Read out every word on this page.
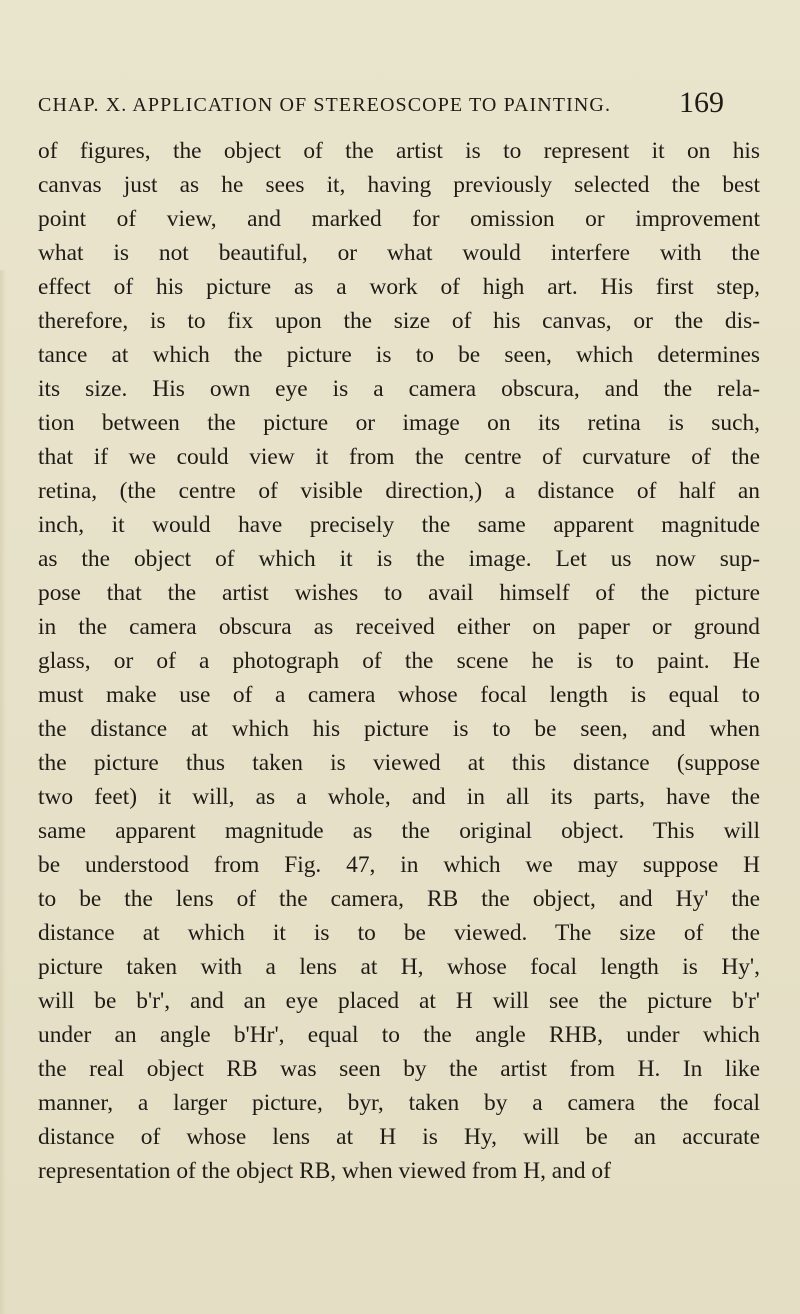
CHAP. X. APPLICATION OF STEREOSCOPE TO PAINTING. 169
of figures, the object of the artist is to represent it on his
canvas just as he sees it, having previously selected the best
point of view, and marked for omission or improvement
what is not beautiful, or what would interfere with the
effect of his picture as a work of high art. His first step,
therefore, is to fix upon the size of his canvas, or the dis-
tance at which the picture is to be seen, which determines
its size. His own eye is a camera obscura, and the rela-
tion between the picture or image on its retina is such,
that if we could view it from the centre of curvature of the
retina, (the centre of visible direction,) a distance of half an
inch, it would have precisely the same apparent magnitude
as the object of which it is the image. Let us now sup-
pose that the artist wishes to avail himself of the picture
in the camera obscura as received either on paper or ground
glass, or of a photograph of the scene he is to paint. He
must make use of a camera whose focal length is equal to
the distance at which his picture is to be seen, and when
the picture thus taken is viewed at this distance (suppose
two feet) it will, as a whole, and in all its parts, have the
same apparent magnitude as the original object. This will
be understood from Fig. 47, in which we may suppose H
to be the lens of the camera, RB the object, and Hy' the
distance at which it is to be viewed. The size of the
picture taken with a lens at H, whose focal length is Hy',
will be b'r', and an eye placed at H will see the picture b'r'
under an angle b'Hr', equal to the angle RHB, under which
the real object RB was seen by the artist from H. In like
manner, a larger picture, byr, taken by a camera the focal
distance of whose lens at H is Hy, will be an accurate
representation of the object RB, when viewed from H, and of
